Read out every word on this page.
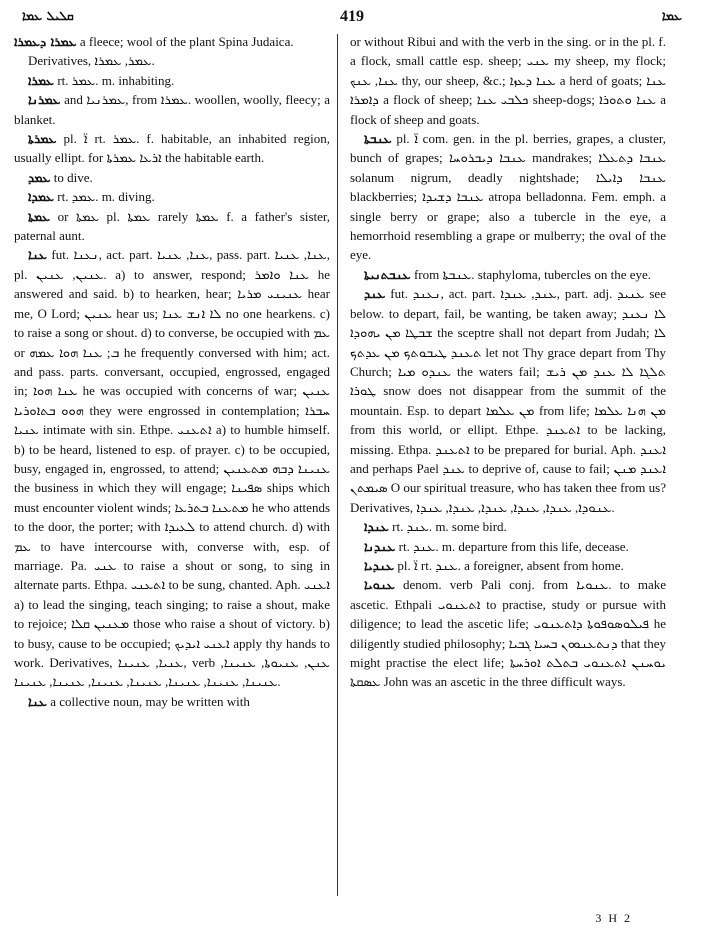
ܩܠܝܠ ܥܡܐ	419	ܥܡܐ

ܥܡܪܐ ܕܥܡܪܐ a fleece; wool of the plant Spina Judaica.

Derivatives, ܥܡܪ, ܥܡܪܐ.

ܥܡܪܐ rt. ܥܡܪ. m. inhabiting.

ܥܡܪܢܐ and ܥܡܪܢܝܐ, from ܥܡܪܐ. woollen, woolly, fleecy; a blanket.

ܥܡܪܬܐ pl. ܐ̈ rt. ܥܡܪ. f. habitable, an inhabited region, usually ellipt. for ܐܪܥܐ ܥܡܪܬܐ the habitable earth.

ܥܡܕ to dive.

ܥܡܕܐ rt. ܥܡܕ. m. diving.

ܥܡܬܐ or ܥܡܬܐ pl. ܥܡܬܐ rarely ܥܡܬܐ f. a father's sister, paternal aunt.

ܥܢܐ fut. ܢܥܢܐ, act. part. ܥܢܐ, ܥܢܝܐ, pass. part. ܥܢܐ, ܥܢܝܐ, pl. ܥܢܝܢ, ܥܢܝܢ. a) to answer, respond; ܥܢܐ ܘܐܡܪ he answered and said. b) to hearken, hear; ܥܢܝܢܝ ܡܪܝܐ hear me, O Lord; ܥܢܝܢ hear us; ܠܐ ܐܢܫ ܥܢܐ no one hearkens. c) to raise a song or shout. d) to converse, be occupied with ܥܡ or ܒ; ܥܢܐ ܗܘܐ ܥܡܗ he frequently conversed with him; act. and pass. parts. conversant, occupied, engrossed, engaged in; ܥܢܐ ܗܘܐ he was occupied with concerns of war; ܥܢܝܢ ܗܘܘ ܒܬܐܘܪܝܐ they were engrossed in contemplation; ܚܒܪܐ ܥܢܝܐ intimate with sin. Ethpe. ܐܬܥܢܝ a) to humble himself. b) to be heard, listened to esp. of prayer. c) to be occupied, busy, engaged in, engrossed, to attend; ܥܢܝܢܐ ܕܒܗ ܡܬܥܢܝܢ the business in which they will engage; ܣܦܝܢܐ ships which must encounter violent winds; ܡܬܥܢܐ ܒܬܪܥܐ he who attends to the door, the porter; with ܠܥܝܕܐ to attend church. d) with ܥܡ to have intercourse with, converse with, esp. of marriage. Pa. ܥܢܝ to raise a shout or song, to sing in alternate parts. Ethpa. ܐܬܥܢܝ to be sung, chanted. Aph. ܐܥܢܝ a) to lead the singing, teach singing; to raise a shout, make to rejoice; ܡܥܢܝܢ ܩܠܐ those who raise a shout of victory. b) to busy, cause to be occupied; ܐܥܢܝ ܐܝܕܝܟ apply thy hands to work. Derivatives, ܥܢܝܐ, ܥܢܝܢܐ, verb ܥܢܢ, ܥܢܝܘܬܐ, ܥܢܝܢܐ, ܥܢܝܢܐ, ܥܢܝܢܐ, ܥܢܝܢܐ, ܥܢܝܢܐ, ܥܢܝܢܐ, ܥܢܝܢܐ, ܥܢܝܢܐ.

ܥܢܐ a collective noun, may be written with

or without Ribui and with the verb in the sing. or in the pl. f. a flock, small cattle esp. sheep; ܥܢܝ my sheep, my flock; ܥܢܐ, ܥܢܟ thy, our sheep, &c.; ܥܢܐ ܕܥܙܐ a herd of goats; ܥܢܐ ܕܐܡܪܐ a flock of sheep; ܟܠܒܝ ܥܢܐ sheep-dogs; ܥܢܐ ܘܬܘܪܐ a flock of sheep and goats.

ܥܢܒܬܐ pl. ܐ̈ com. gen. in the pl. berries, grapes, a cluster, bunch of grapes; ܥܢܒܐ ܕܝܒܪܘܚܐ mandrakes; ܥܢܒܐ ܕܬܥܠܐ solanum nigrum, deadly nightshade; ܥܢܒܐ ܕܐܝܠܐ blackberries; ܥܢܒܐ ܕܫܝܕܐ atropa belladonna. Fem. emph. a single berry or grape; also a tubercle in the eye, a hemorrhoid resembling a grape or mulberry; the oval of the eye.

ܥܢܒܬܢܝܬܐ from ܥܢܒܬܐ. staphyloma, tubercles on the eye.

ܥܢܕ fut. ܢܥܢܕ, act. part. ܥܢܕ, ܥܢܕܐ, part. adj. ܥܢܝܕ see below. to depart, fail, be wanting, be taken away; ܠܐ ܢܥܢܕ ܫܒܛܐ ܡܢ ܝܗܘܕܐ the sceptre shall not depart from Judah; ܠܐ ܬܥܢܕ ܛܝܒܘܬܟ ܡܢ ܥܕܬܟ let not Thy grace depart from Thy Church; ܥܢܕܘ ܡܝܐ the waters fail; ܬܠܓܐ ܠܐ ܥܢܕ ܡܢ ܪܝܫ ܛܘܪܐ snow does not disappear from the summit of the mountain. Esp. to depart ܡܢ ܥܠܡܐ from life; ܡܢ ܗܢܐ ܥܠܡܐ from this world, or ellipt. Ethpe. ܐܬܥܢܕ to be lacking, missing. Ethpa. ܐܬܥܢܕ to be prepared for burial. Aph. ܐܥܢܕ and perhaps Pael ܥܢܕ to deprive of, cause to fail; ܐܥܢܕ ܡܢܢ ܣܝܡܬܢ O our spiritual treasure, who has taken thee from us? Derivatives, ܥܢܘܕܐ, ܥܢܕܐ, ܥܢܕܐ, ܥܢܕܐ, ܥܢܕܐ, ܥܢܕܐ.

ܥܢܕܐ rt. ܥܢܕ. m. some bird.

ܥܢܕܢܐ rt. ܥܢܕ. m. departure from this life, decease.

ܥܢܕܝܐ pl. ܐ̈ rt. ܥܢܕ. a foreigner, absent from home.

ܥܢܘܝܐ denom. verb Pali conj. from ܥܢܘܝܐ. to make ascetic. Ethpali ܐܬܥܢܘܝ to practise, study or pursue with diligence; to lead the ascetic life; ܦܝܠܘܣܘܦܘܬܐ ܕܐܬܥܢܘܝ he diligently studied philosophy; ܕܢܬܥܢܘܘܢ ܒܚܝܐ ܓܒܝܐ that they might practise the elect life; ܝܘܚܢܢ ܐܬܥܢܘܝ ܒܬܠܬ ܐܘܪܚܬܐ ܥܣܩܬܐ John was an ascetic in the three difficult ways.

3 H 2
